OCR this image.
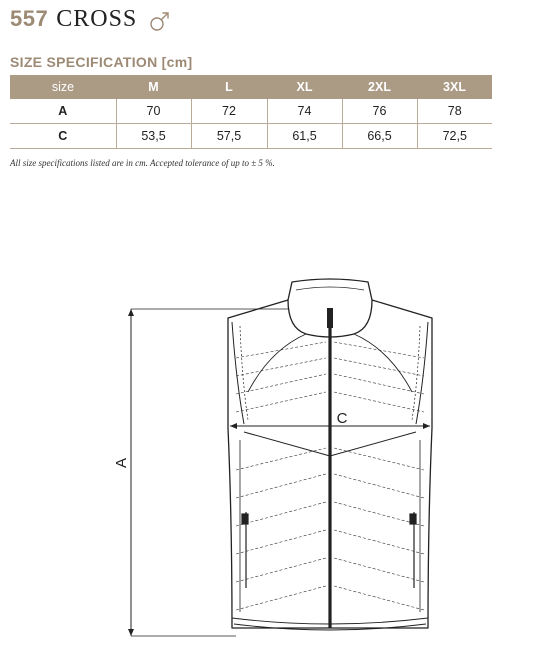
557 CROSS
SIZE SPECIFICATION [cm]
size	M	L	XL	2XL	3XL
A	70	72	74	76	78
C	53,5	57,5	61,5	66,5	72,5
All size specifications listed are in cm. Accepted tolerance of up to ± 5 %.
A
C
